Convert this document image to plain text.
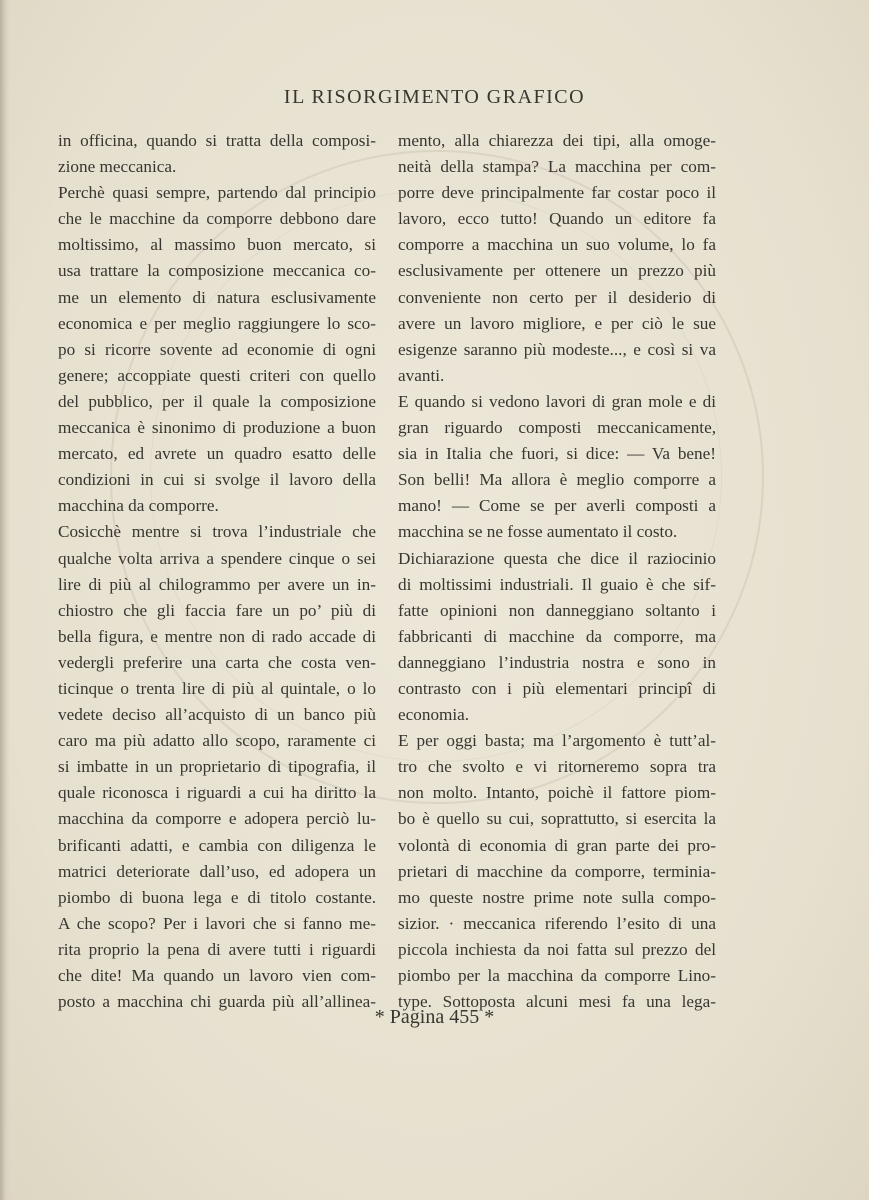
IL RISORGIMENTO GRAFICO
in officina, quando si tratta della composi-
zione meccanica.
Perchè quasi sempre, partendo dal principio
che le macchine da comporre debbono dare
moltissimo, al massimo buon mercato, si
usa trattare la composizione meccanica co-
me un elemento di natura esclusivamente
economica e per meglio raggiungere lo sco-
po si ricorre sovente ad economie di ogni
genere; accoppiate questi criteri con quello
del pubblico, per il quale la composizione
meccanica è sinonimo di produzione a buon
mercato, ed avrete un quadro esatto delle
condizioni in cui si svolge il lavoro della
macchina da comporre.
Cosicchè mentre si trova l’industriale che
qualche volta arriva a spendere cinque o sei
lire di più al chilogrammo per avere un in-
chiostro che gli faccia fare un po’ più di
bella figura, e mentre non di rado accade di
vedergli preferire una carta che costa ven-
ticinque o trenta lire di più al quintale, o lo
vedete deciso all’acquisto di un banco più
caro ma più adatto allo scopo, raramente ci
si imbatte in un proprietario di tipografia, il
quale riconosca i riguardi a cui ha diritto la
macchina da comporre e adopera perciò lu-
brificanti adatti, e cambia con diligenza le
matrici deteriorate dall’uso, ed adopera un
piombo di buona lega e di titolo costante.
A che scopo? Per i lavori che si fanno me-
rita proprio la pena di avere tutti i riguardi
che dite! Ma quando un lavoro vien com-
posto a macchina chi guarda più all’allinea-
mento, alla chiarezza dei tipi, alla omoge-
neità della stampa? La macchina per com-
porre deve principalmente far costar poco il
lavoro, ecco tutto! Quando un editore fa
comporre a macchina un suo volume, lo fa
esclusivamente per ottenere un prezzo più
conveniente non certo per il desiderio di
avere un lavoro migliore, e per ciò le sue
esigenze saranno più modeste..., e così si va
avanti.
E quando si vedono lavori di gran mole e di
gran riguardo composti meccanicamente,
sia in Italia che fuori, si dice: — Va bene!
Son belli! Ma allora è meglio comporre a
mano! — Come se per averli composti a
macchina se ne fosse aumentato il costo.
Dichiarazione questa che dice il raziocinio
di moltissimi industriali. Il guaio è che sif-
fatte opinioni non danneggiano soltanto i
fabbricanti di macchine da comporre, ma
danneggiano l’industria nostra e sono in
contrasto con i più elementari principî di
economia.
E per oggi basta; ma l’argomento è tutt’al-
tro che svolto e vi ritorneremo sopra tra
non molto. Intanto, poichè il fattore piom-
bo è quello su cui, soprattutto, si esercita la
volontà di economia di gran parte dei pro-
prietari di macchine da comporre, terminia-
mo queste nostre prime note sulla compo-
sizior. · meccanica riferendo l’esito di una
piccola inchiesta da noi fatta sul prezzo del
piombo per la macchina da comporre Lino-
type. Sottoposta alcuni mesi fa una lega-
* Pagina 455 *
